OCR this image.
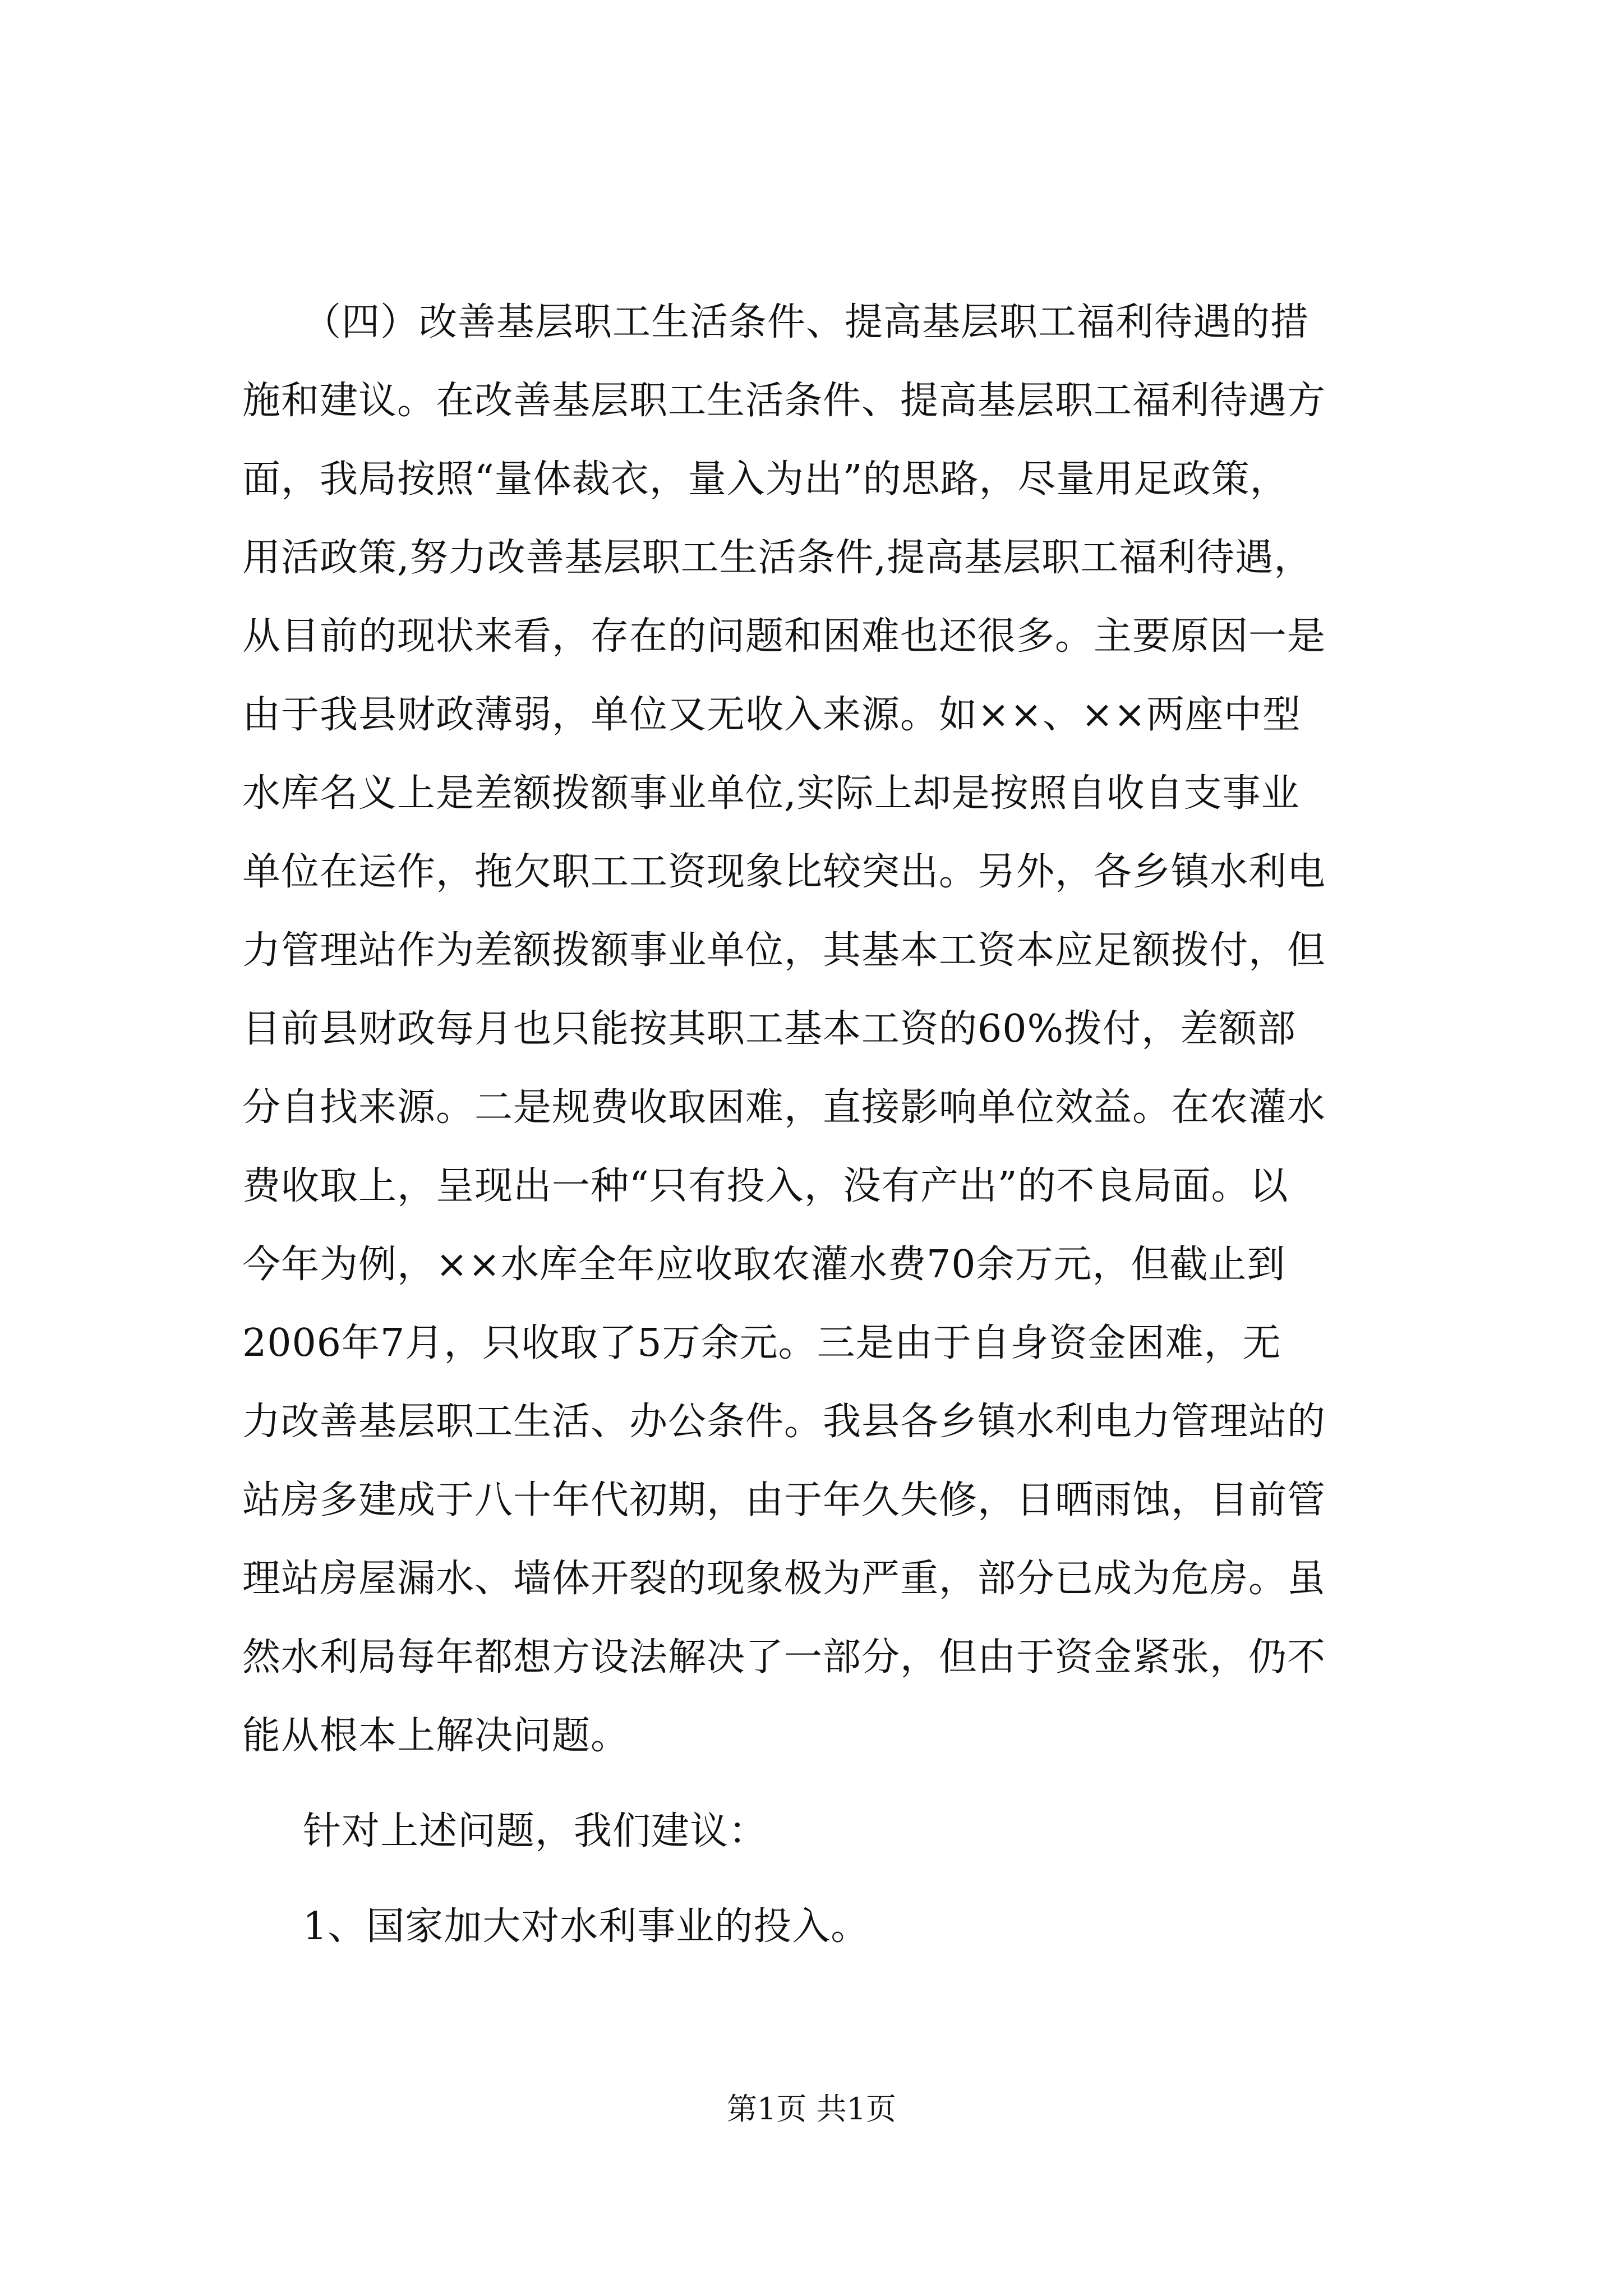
（四）改善基层职工生活条件、提高基层职工福利待遇的措
施和建议。在改善基层职工生活条件、提高基层职工福利待遇方
面，我局按照“量体裁衣，量入为出”的思路，尽量用足政策，
用活政策,努力改善基层职工生活条件,提高基层职工福利待遇，
从目前的现状来看，存在的问题和困难也还很多。主要原因一是
由于我县财政薄弱，单位又无收入来源。如××、××两座中型
水库名义上是差额拨额事业单位,实际上却是按照自收自支事业
单位在运作，拖欠职工工资现象比较突出。另外，各乡镇水利电
力管理站作为差额拨额事业单位，其基本工资本应足额拨付，但
目前县财政每月也只能按其职工基本工资的60%拨付，差额部
分自找来源。二是规费收取困难，直接影响单位效益。在农灌水
费收取上，呈现出一种“只有投入，没有产出”的不良局面。以
今年为例，××水库全年应收取农灌水费70余万元，但截止到
2006年7月，只收取了5万余元。三是由于自身资金困难，无
力改善基层职工生活、办公条件。我县各乡镇水利电力管理站的
站房多建成于八十年代初期，由于年久失修，日晒雨蚀，目前管
理站房屋漏水、墙体开裂的现象极为严重，部分已成为危房。虽
然水利局每年都想方设法解决了一部分，但由于资金紧张，仍不
能从根本上解决问题。
针对上述问题，我们建议：
1、国家加大对水利事业的投入。
第1页 共1页
